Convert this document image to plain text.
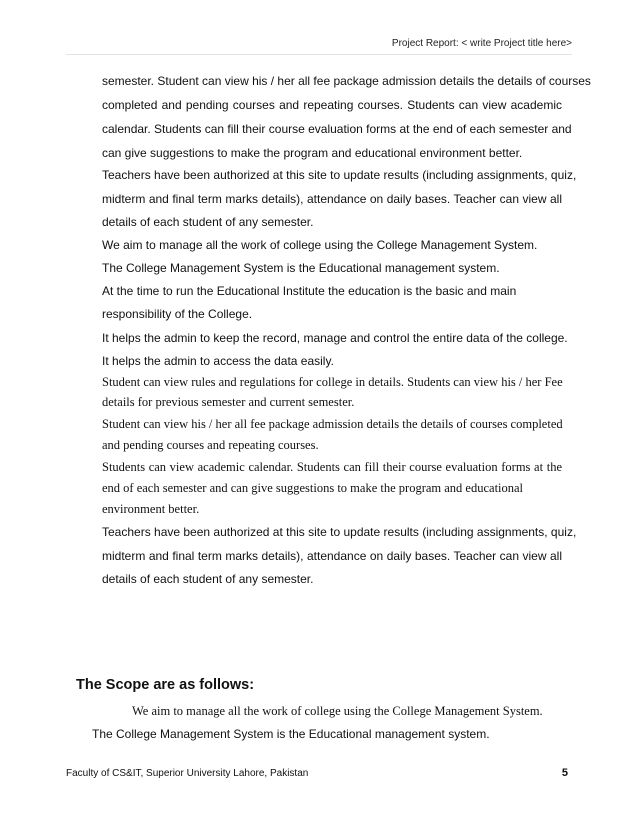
Project Report: < write Project title here>
semester. Student can view his / her all fee package admission details the details of courses
completed and pending courses and repeating courses. Students can view academic
calendar. Students can fill their course evaluation forms at the end of each semester and
can give suggestions to make the program and educational environment better.
Teachers have been authorized at this site to update results (including assignments, quiz,
midterm and final term marks details), attendance on daily bases. Teacher can view all
details of each student of any semester.
We aim to manage all the work of college using the College Management System.
The College Management System is the Educational management system.
At the time to run the Educational Institute the education is the basic and main
responsibility of the College.
It helps the admin to keep the record, manage and control the entire data of the college.
It helps the admin to access the data easily.
Student can view rules and regulations for college in details. Students can view his / her Fee
details for previous semester and current semester.
Student can view his / her all fee package admission details the details of courses completed
and pending courses and repeating courses.
Students can view academic calendar. Students can fill their course evaluation forms at the
end of each semester and can give suggestions to make the program and educational
environment better.
Teachers have been authorized at this site to update results (including assignments, quiz,
midterm and final term marks details), attendance on daily bases. Teacher can view all
details of each student of any semester.
The Scope are as follows:
We aim to manage all the work of college using the College Management System.
The College Management System is the Educational management system.
Faculty of CS&IT, Superior University Lahore, Pakistan	5
